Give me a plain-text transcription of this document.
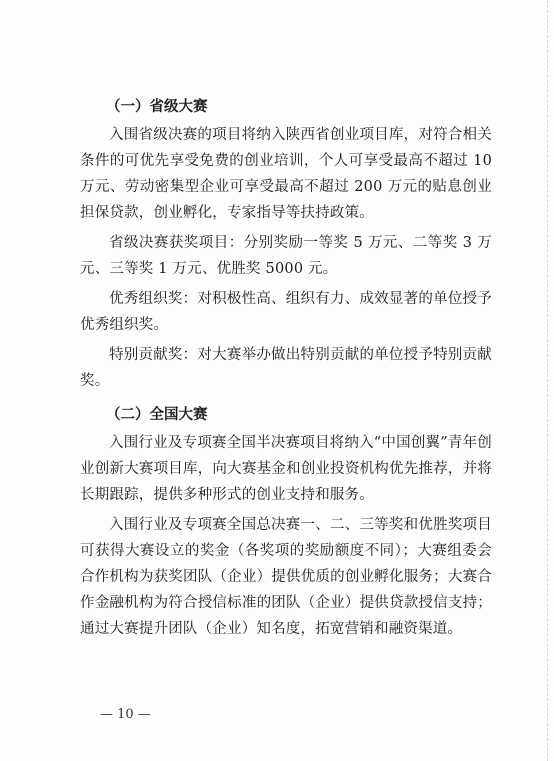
（一）省级大赛

入围省级决赛的项目将纳入陕西省创业项目库，对符合相关条件的可优先享受免费的创业培训，个人可享受最高不超过 10 万元、劳动密集型企业可享受最高不超过 200 万元的贴息创业担保贷款，创业孵化，专家指导等扶持政策。

省级决赛获奖项目：分别奖励一等奖 5 万元、二等奖 3 万元、三等奖 1 万元、优胜奖 5000 元。

优秀组织奖：对积极性高、组织有力、成效显著的单位授予优秀组织奖。

特别贡献奖：对大赛举办做出特别贡献的单位授予特别贡献奖。

（二）全国大赛

入围行业及专项赛全国半决赛项目将纳入“中国创翼”青年创业创新大赛项目库，向大赛基金和创业投资机构优先推荐，并将长期跟踪，提供多种形式的创业支持和服务。

入围行业及专项赛全国总决赛一、二、三等奖和优胜奖项目可获得大赛设立的奖金（各奖项的奖励额度不同）；大赛组委会合作机构为获奖团队（企业）提供优质的创业孵化服务；大赛合作金融机构为符合授信标准的团队（企业）提供贷款授信支持；通过大赛提升团队（企业）知名度，拓宽营销和融资渠道。

— 10 —
